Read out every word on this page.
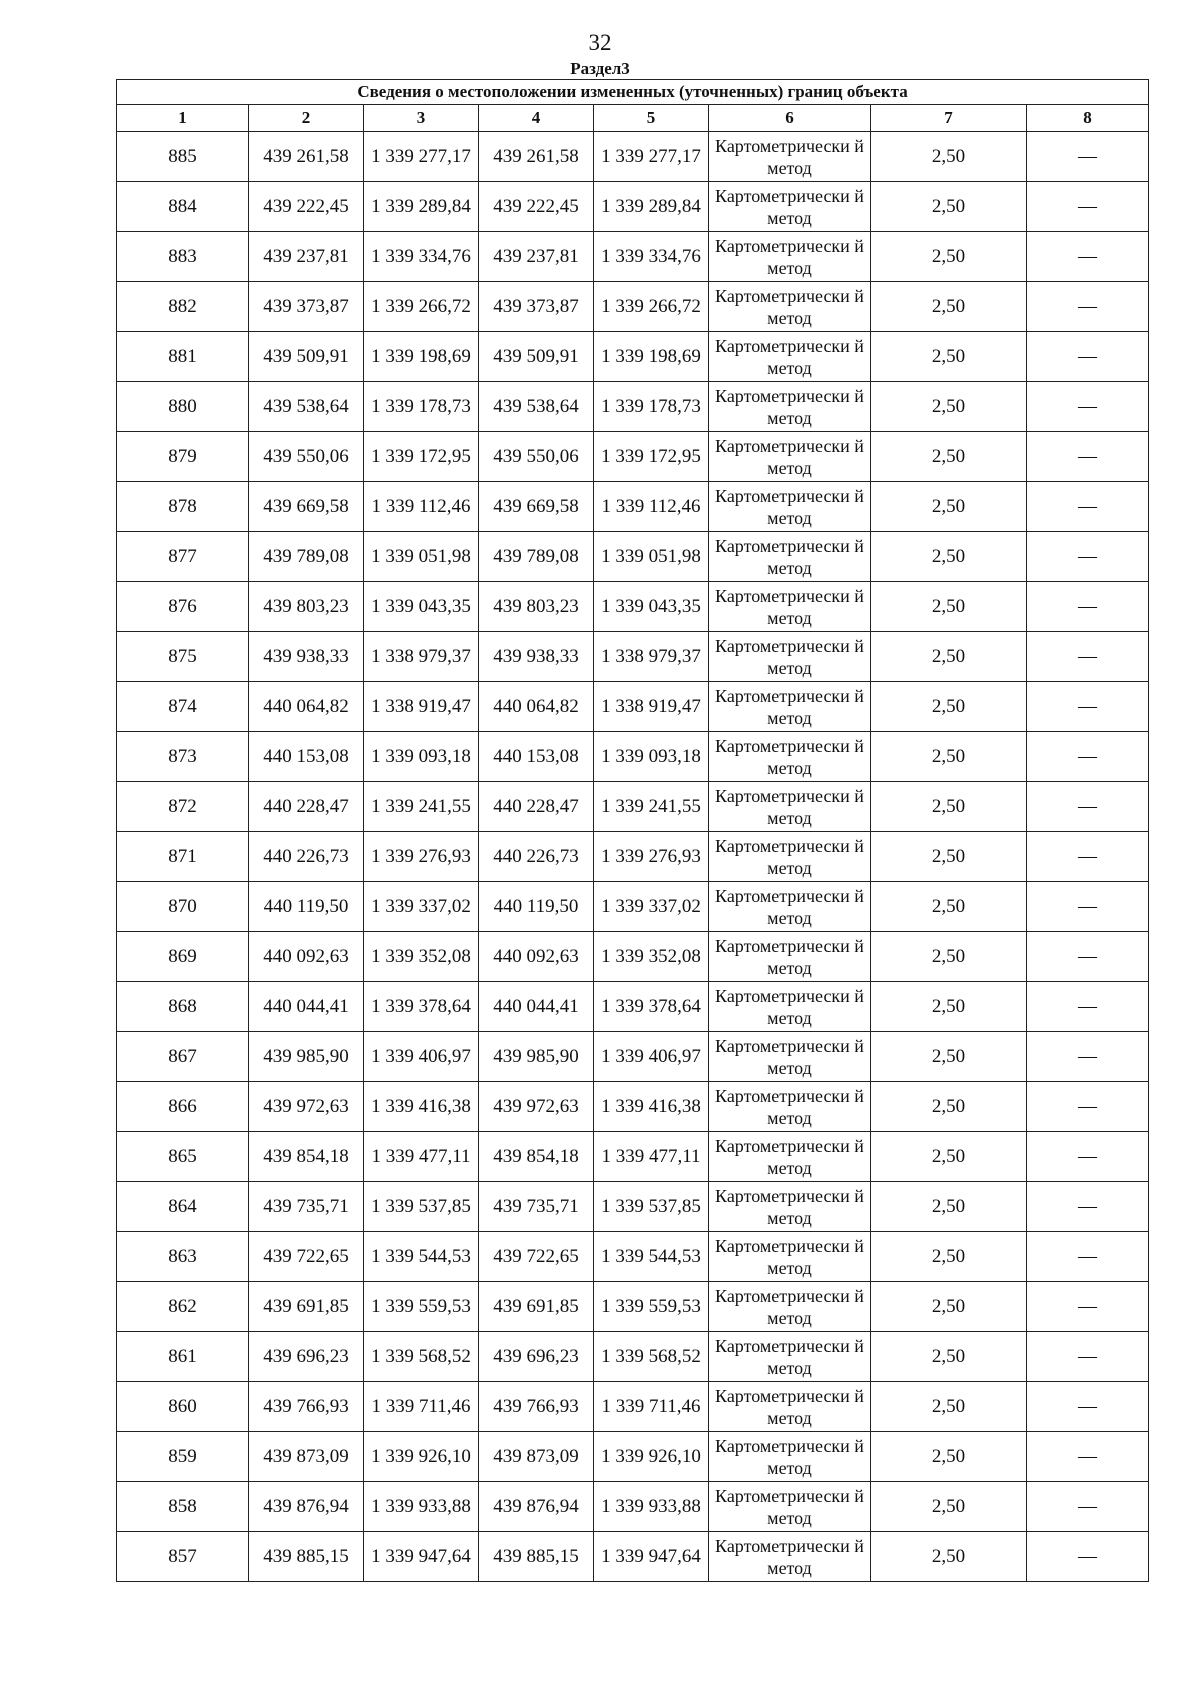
32
Раздел3
Сведения о местоположении измененных (уточненных) границ объекта							
1	2	3	4	5	6	7	8
885	439 261,58	1 339 277,17	439 261,58	1 339 277,17	Картометрически й метод	2,50	—
884	439 222,45	1 339 289,84	439 222,45	1 339 289,84	Картометрически й метод	2,50	—
883	439 237,81	1 339 334,76	439 237,81	1 339 334,76	Картометрически й метод	2,50	—
882	439 373,87	1 339 266,72	439 373,87	1 339 266,72	Картометрически й метод	2,50	—
881	439 509,91	1 339 198,69	439 509,91	1 339 198,69	Картометрически й метод	2,50	—
880	439 538,64	1 339 178,73	439 538,64	1 339 178,73	Картометрически й метод	2,50	—
879	439 550,06	1 339 172,95	439 550,06	1 339 172,95	Картометрически й метод	2,50	—
878	439 669,58	1 339 112,46	439 669,58	1 339 112,46	Картометрически й метод	2,50	—
877	439 789,08	1 339 051,98	439 789,08	1 339 051,98	Картометрически й метод	2,50	—
876	439 803,23	1 339 043,35	439 803,23	1 339 043,35	Картометрически й метод	2,50	—
875	439 938,33	1 338 979,37	439 938,33	1 338 979,37	Картометрически й метод	2,50	—
874	440 064,82	1 338 919,47	440 064,82	1 338 919,47	Картометрически й метод	2,50	—
873	440 153,08	1 339 093,18	440 153,08	1 339 093,18	Картометрически й метод	2,50	—
872	440 228,47	1 339 241,55	440 228,47	1 339 241,55	Картометрически й метод	2,50	—
871	440 226,73	1 339 276,93	440 226,73	1 339 276,93	Картометрически й метод	2,50	—
870	440 119,50	1 339 337,02	440 119,50	1 339 337,02	Картометрически й метод	2,50	—
869	440 092,63	1 339 352,08	440 092,63	1 339 352,08	Картометрически й метод	2,50	—
868	440 044,41	1 339 378,64	440 044,41	1 339 378,64	Картометрически й метод	2,50	—
867	439 985,90	1 339 406,97	439 985,90	1 339 406,97	Картометрически й метод	2,50	—
866	439 972,63	1 339 416,38	439 972,63	1 339 416,38	Картометрически й метод	2,50	—
865	439 854,18	1 339 477,11	439 854,18	1 339 477,11	Картометрически й метод	2,50	—
864	439 735,71	1 339 537,85	439 735,71	1 339 537,85	Картометрически й метод	2,50	—
863	439 722,65	1 339 544,53	439 722,65	1 339 544,53	Картометрически й метод	2,50	—
862	439 691,85	1 339 559,53	439 691,85	1 339 559,53	Картометрически й метод	2,50	—
861	439 696,23	1 339 568,52	439 696,23	1 339 568,52	Картометрически й метод	2,50	—
860	439 766,93	1 339 711,46	439 766,93	1 339 711,46	Картометрически й метод	2,50	—
859	439 873,09	1 339 926,10	439 873,09	1 339 926,10	Картометрически й метод	2,50	—
858	439 876,94	1 339 933,88	439 876,94	1 339 933,88	Картометрически й метод	2,50	—
857	439 885,15	1 339 947,64	439 885,15	1 339 947,64	Картометрически й метод	2,50	—
